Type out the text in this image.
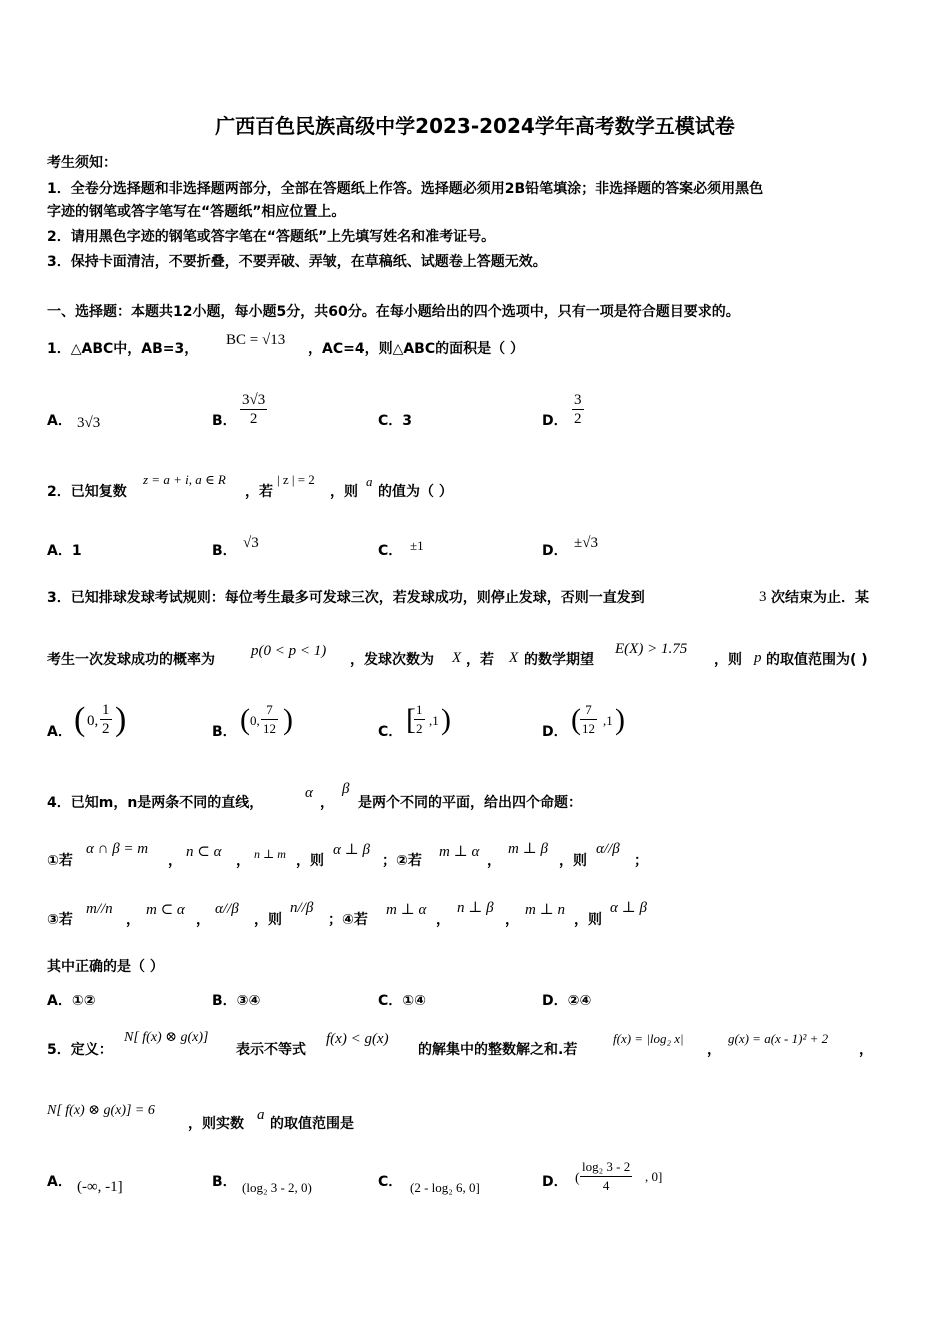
广西百色民族高级中学2023-2024学年高考数学五模试卷
考生须知：
1．全卷分选择题和非选择题两部分，全部在答题纸上作答。选择题必须用2B铅笔填涂；非选择题的答案必须用黑色
字迹的钢笔或答字笔写在“答题纸”相应位置上。
2．请用黑色字迹的钢笔或答字笔在“答题纸”上先填写姓名和准考证号。
3．保持卡面清洁，不要折叠，不要弄破、弄皱，在草稿纸、试题卷上答题无效。
一、选择题：本题共12小题，每小题5分，共60分。在每小题给出的四个选项中，只有一项是符合题目要求的。
1．△ABC中，AB=3，
BC = √13
，AC=4，则△ABC的面积是（ ）
A． 3√3	B． $\frac{3√3}{2}$	C．3	D． $\frac{3}{2}$
2．已知复数
z = a + i, a ∈ R
，若
| z | = 2
，则
a
的值为（ ）
A．1	B． √3	C． ±1	D． ±√3
3．已知排球发球考试规则：每位考生最多可发球三次，若发球成功，则停止发球，否则一直发到	3 次结束为止．某
考生一次发球成功的概率为
p(0 < p < 1)
，发球次数为 X ，若 X 的数学期望
E(X) > 1.75
，则 p 的取值范围为( )
A． ( 0, $\frac{1}{2}$ )	B． ( 0, $\frac{7}{12}$ )	C． [
$\frac{1}{2} ,1$ )	D． ( $\frac{7}{12} ,1$ )
4．已知m，n是两条不同的直线，
α
，
β
是两个不同的平面，给出四个命题：
①若
α ∩ β = m
，
n ⊂ α
， n ⊥ m ，则
α ⊥ β
；②若
m ⊥ α
，
m ⊥ β
，则
α//β
；
③若
m//n
，
m ⊂ α
，
α//β
，则
n//β
；④若
m ⊥ α
，
n ⊥ β
，
m ⊥ n
，则
α ⊥ β
其中正确的是（ ）
A．①②	B．③④	C．①④	D．②④
5．定义：
N[ f(x) ⊗ g(x)]
表示不等式
f(x) < g(x)
的解集中的整数解之和.若
f(x) = |log₂ x|
，
g(x) = a(x - 1)² + 2
，
N[ f(x) ⊗ g(x)] = 6
，则实数
a
的取值范围是
A． (-∞, -1]	B． (log₂ 3 - 2, 0)	C． (2 - log₂ 6, 0]	D． ( $\frac{\text{log₂ 3 - 2}}{4}$ , 0]
